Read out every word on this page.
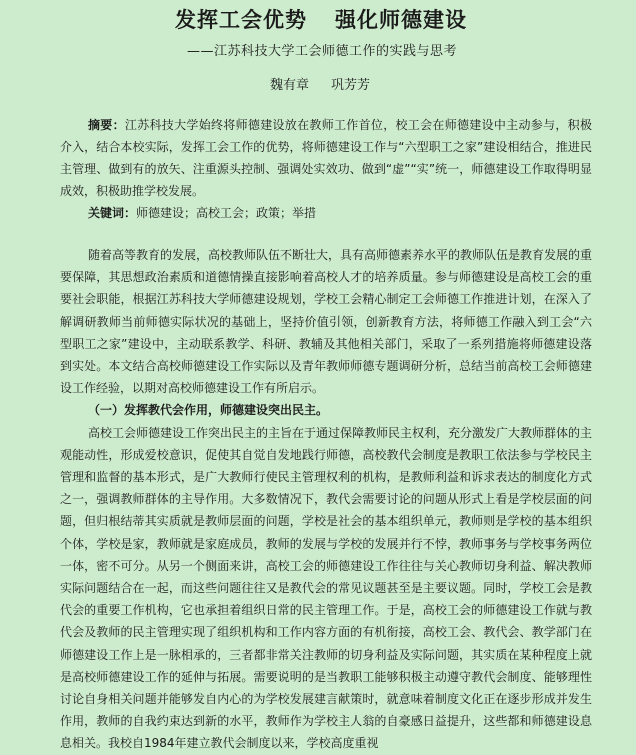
发挥工会优势 强化师德建设
——江苏科技大学工会师德工作的实践与思考
魏有章 巩芳芳
摘要：江苏科技大学始终将师德建设放在教师工作首位，校工会在师德建设中主动参与，积极介入，结合本校实际，发挥工会工作的优势，将师德建设工作与“六型职工之家”建设相结合，推进民主管理、做到有的放矢、注重源头控制、强调处实效功、做到“虚”“实”统一，师德建设工作取得明显成效，积极助推学校发展。
关键词：师德建设；高校工会；政策；举措

随着高等教育的发展，高校教师队伍不断壮大，具有高师德素养水平的教师队伍是教育发展的重要保障，其思想政治素质和道德情操直接影响着高校人才的培养质量。参与师德建设是高校工会的重要社会职能，根据江苏科技大学师德建设规划，学校工会精心制定工会师德工作推进计划，在深入了解调研教师当前师德实际状况的基础上，坚持价值引领，创新教育方法，将师德工作融入到工会“六型职工之家”建设中，主动联系教学、科研、教辅及其他相关部门，采取了一系列措施将师德建设落到实处。本文结合高校师德建设工作实际以及青年教师师德专题调研分析，总结当前高校工会师德建设工作经验，以期对高校师德建设工作有所启示。

（一）发挥教代会作用，师德建设突出民主。

高校工会师德建设工作突出民主的主旨在于通过保障教师民主权利，充分激发广大教师群体的主观能动性，形成爱校意识，促使其自觉自发地践行师德，高校教代会制度是教职工依法参与学校民主管理和监督的基本形式，是广大教师行使民主管理权利的机构，是教师利益和诉求表达的制度化方式之一，强调教师群体的主导作用。大多数情况下，教代会需要讨论的问题从形式上看是学校层面的问题，但归根结蒂其实质就是教师层面的问题，学校是社会的基本组织单元，教师则是学校的基本组织个体，学校是家，教师就是家庭成员，教师的发展与学校的发展并行不悖，教师事务与学校事务两位一体，密不可分。从另一个侧面来讲，高校工会的师德建设工作往往与关心教师切身利益、解决教师实际问题结合在一起，而这些问题往往又是教代会的常见议题甚至是主要议题。同时，学校工会是教代会的重要工作机构，它也承担着组织日常的民主管理工作。于是，高校工会的师德建设工作就与教代会及教师的民主管理实现了组织机构和工作内容方面的有机衔接，高校工会、教代会、教学部门在师德建设工作上是一脉相承的，三者都非常关注教师的切身利益及实际问题，其实质在某种程度上就是高校师德建设工作的延伸与拓展。需要说明的是当教职工能够积极主动遵守教代会制度、能够理性讨论自身相关问题并能够发自内心的为学校发展建言献策时，就意味着制度文化正在逐步形成并发生作用，教师的自我约束达到新的水平，教师作为学校主人翁的自豪感日益提升，这些都和师德建设息息相关。我校自1984年建立教代会制度以来，学校高度重视
